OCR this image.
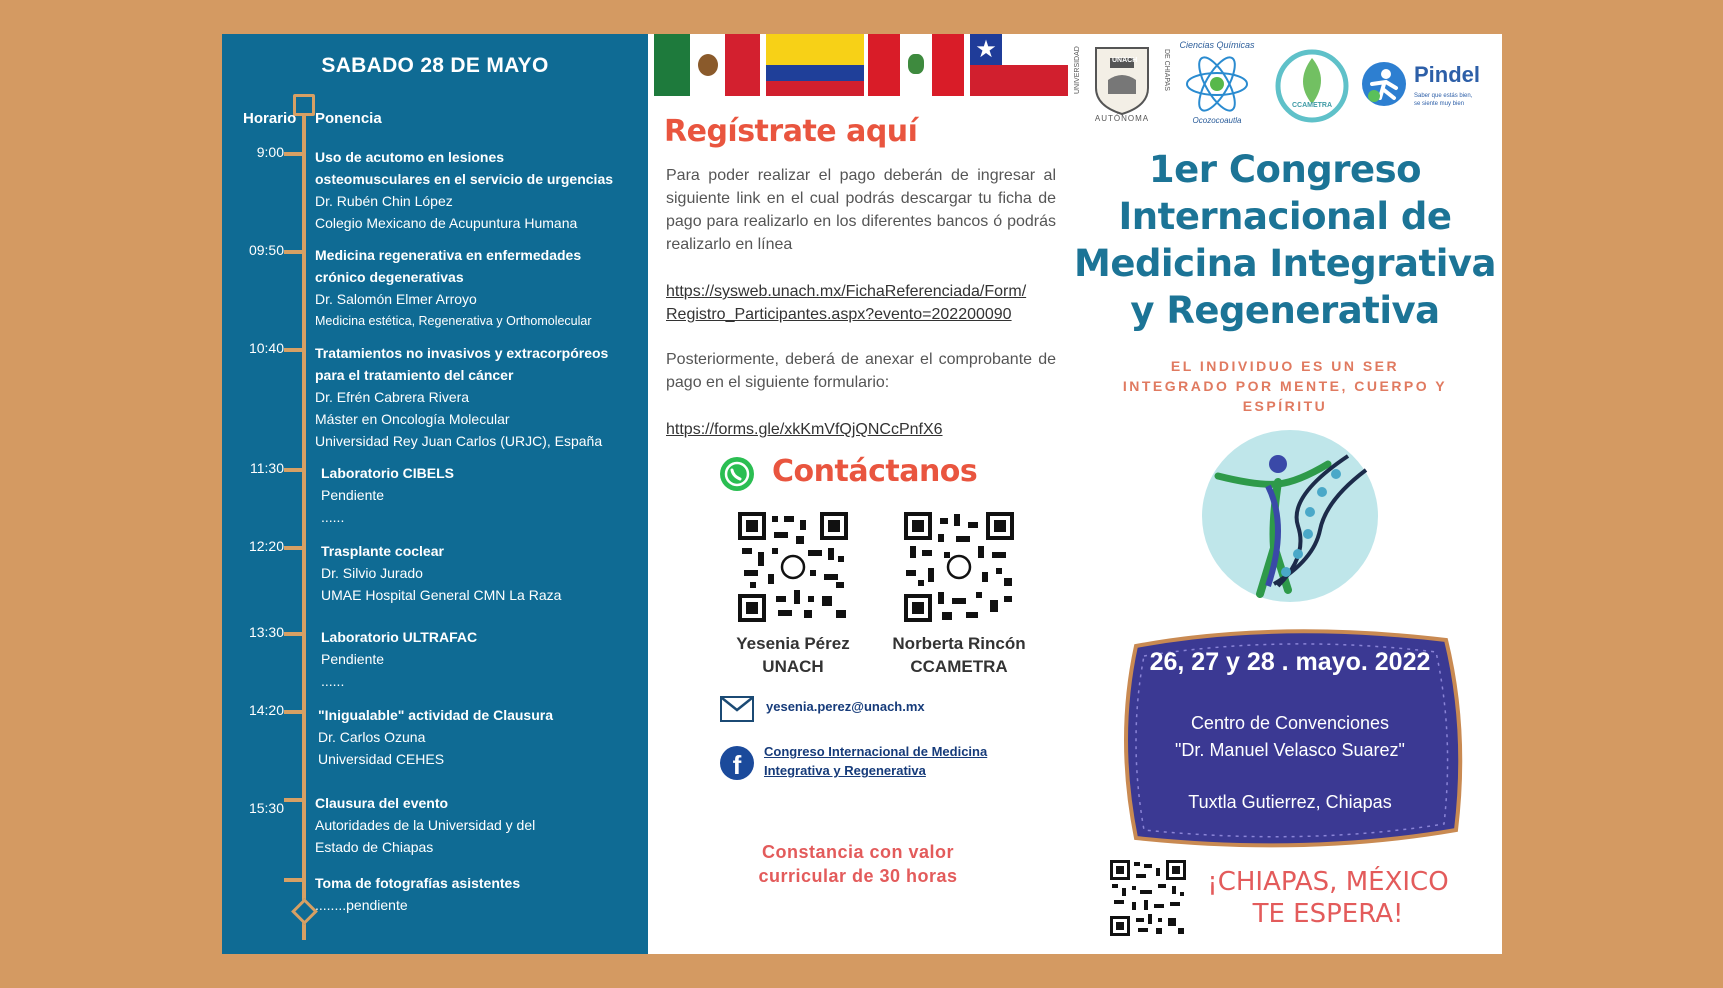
SABADO 28 DE MAYO
Horario Ponencia
9:00 Uso de acutomo en lesiones
osteomusculares en el servicio de urgencias
Dr. Rubén Chin López
Colegio Mexicano de Acupuntura Humana
09:50 Medicina regenerativa en enfermedades
crónico degenerativas
Dr. Salomón Elmer Arroyo
Medicina estética, Regenerativa y Orthomolecular
10:40 Tratamientos no invasivos y extracorpóreos
para el tratamiento del cáncer
Dr. Efrén Cabrera Rivera
Máster en Oncología Molecular
Universidad Rey Juan Carlos (URJC), España
11:30	Laboratorio CIBELS
Pendiente
......
12:20	Trasplante coclear
Dr. Silvio Jurado
UMAE Hospital General CMN La Raza
13:30	Laboratorio ULTRAFAC
Pendiente
......
14:20 "Inigualable" actividad de Clausura
Dr. Carlos Ozuna
Universidad CEHES
15:30 Clausura del evento
Autoridades de la Universidad y del
Estado de Chiapas
Toma de fotografías asistentes
........pendiente
★
Regístrate aquí
Para poder realizar el pago deberán de ingresar al siguiente link en el cual podrás descargar tu ficha de pago para realizarlo en los diferentes bancos ó podrás realizarlo en línea
https://sysweb.unach.mx/FichaReferenciada/Form/
Registro_Participantes.aspx?evento=202200090
Posteriormente, deberá de anexar el comprobante de pago en el siguiente formulario:
https://forms.gle/xkKmVfQjQNCcPnfX6
Contáctanos
Yesenia Pérez
UNACH
Norberta Rincón
CCAMETRA
yesenia.perez@unach.mx
f	Congreso Internacional de Medicina
Integrativa y Regenerativa
Constancia con valor
curricular de 30 horas
UNIVERSIDAD	UNACH	DE CHIAPAS
AUTÓNOMA
Ciencias Químicas
Ocozocoautla
CCAMETRA
Pindel
Saber que estás bien,
se siente muy bien
1er Congreso
Internacional de
Medicina Integrativa
y Regenerativa
EL INDIVIDUO ES UN SER
INTEGRADO POR MENTE, CUERPO Y
ESPÍRITU
26, 27 y 28 . mayo. 2022
Centro de Convenciones
"Dr. Manuel Velasco Suarez"
Tuxtla Gutierrez, Chiapas
¡CHIAPAS, MÉXICO
TE ESPERA!
